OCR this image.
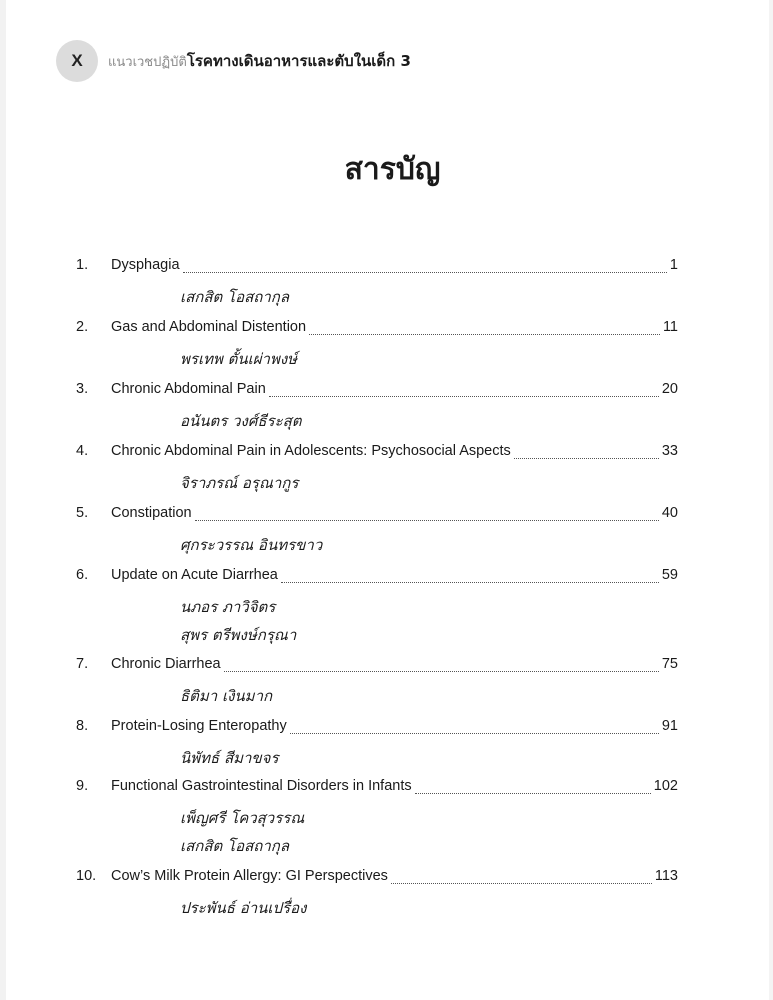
X แนวเวชปฏิบัติโรคทางเดินอาหารและตับในเด็ก 3
สารบัญ
1.	Dysphagia	1
เสกสิต โอสถากุล
2.	Gas and Abdominal Distention	11
พรเทพ ตั้นเผ่าพงษ์
3.	Chronic Abdominal Pain	20
อนันตร วงศ์ธีระสุต
4.	Chronic Abdominal Pain in Adolescents: Psychosocial Aspects	33
จิราภรณ์ อรุณากูร
5.	Constipation	40
ศุกระวรรณ อินทรขาว
6.	Update on Acute Diarrhea	59
นภอร ภาวิจิตร
สุพร ตรีพงษ์กรุณา
7.	Chronic Diarrhea	75
ธิติมา เงินมาก
8.	Protein-Losing Enteropathy	91
นิพัทธ์ สีมาขจร
9.	Functional Gastrointestinal Disorders in Infants	102
เพ็ญศรี โควสุวรรณ
เสกสิต โอสถากุล
10.	Cow’s Milk Protein Allergy: GI Perspectives	113
ประพันธ์ อ่านเปรื่อง
